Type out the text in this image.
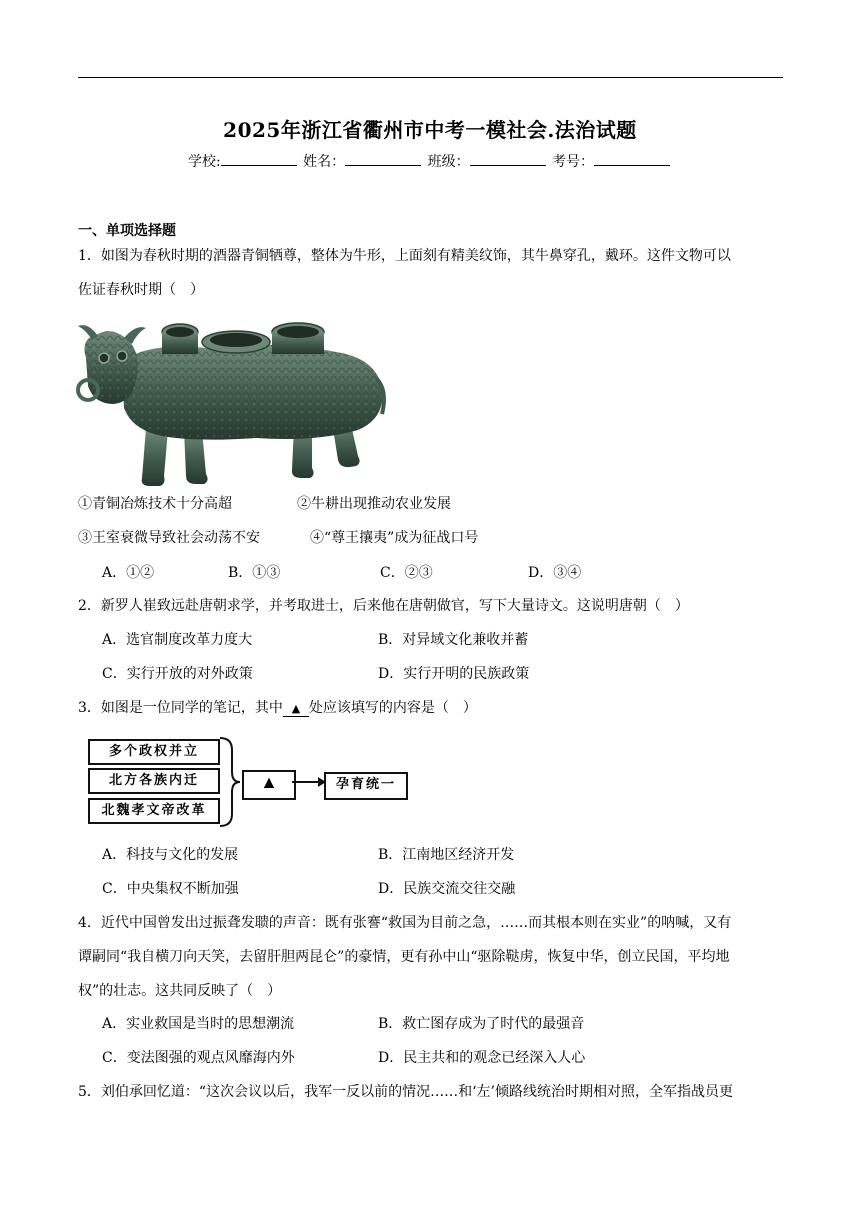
2025年浙江省衢州市中考一模社会.法治试题
学校:	姓名：	班级：	考号：
一、单项选择题
1．如图为春秋时期的酒器青铜牺尊，整体为牛形，上面刻有精美纹饰，其牛鼻穿孔，戴环。这件文物可以
佐证春秋时期（　）
①青铜冶炼技术十分高超	②牛耕出现推动农业发展
③王室衰微导致社会动荡不安	④“尊王攘夷”成为征战口号
A．①②	B．①③	C．②③	D．③④
2．新罗人崔致远赴唐朝求学，并考取进士，后来他在唐朝做官，写下大量诗文。这说明唐朝（　）
A．选官制度改革力度大	B．对异域文化兼收并蓄
C．实行开放的对外政策	D．实行开明的民族政策
3．如图是一位同学的笔记，其中 ▲ 处应该填写的内容是（　）
多个政权并立
北方各族内迁
北魏孝文帝改革
▲	孕育统一
A．科技与文化的发展	B．江南地区经济开发
C．中央集权不断加强	D．民族交流交往交融
4．近代中国曾发出过振聋发聩的声音：既有张謇“救国为目前之急，……而其根本则在实业”的呐喊，又有
谭嗣同“我自横刀向天笑，去留肝胆两昆仑”的豪情，更有孙中山“驱除鞑虏，恢复中华，创立民国，平均地
权”的壮志。这共同反映了（　）
A．实业救国是当时的思想潮流	B．救亡图存成为了时代的最强音
C．变法图强的观点风靡海内外	D．民主共和的观念已经深入人心
5．刘伯承回忆道：“这次会议以后，我军一反以前的情况……和‘左’倾路线统治时期相对照，全军指战员更
